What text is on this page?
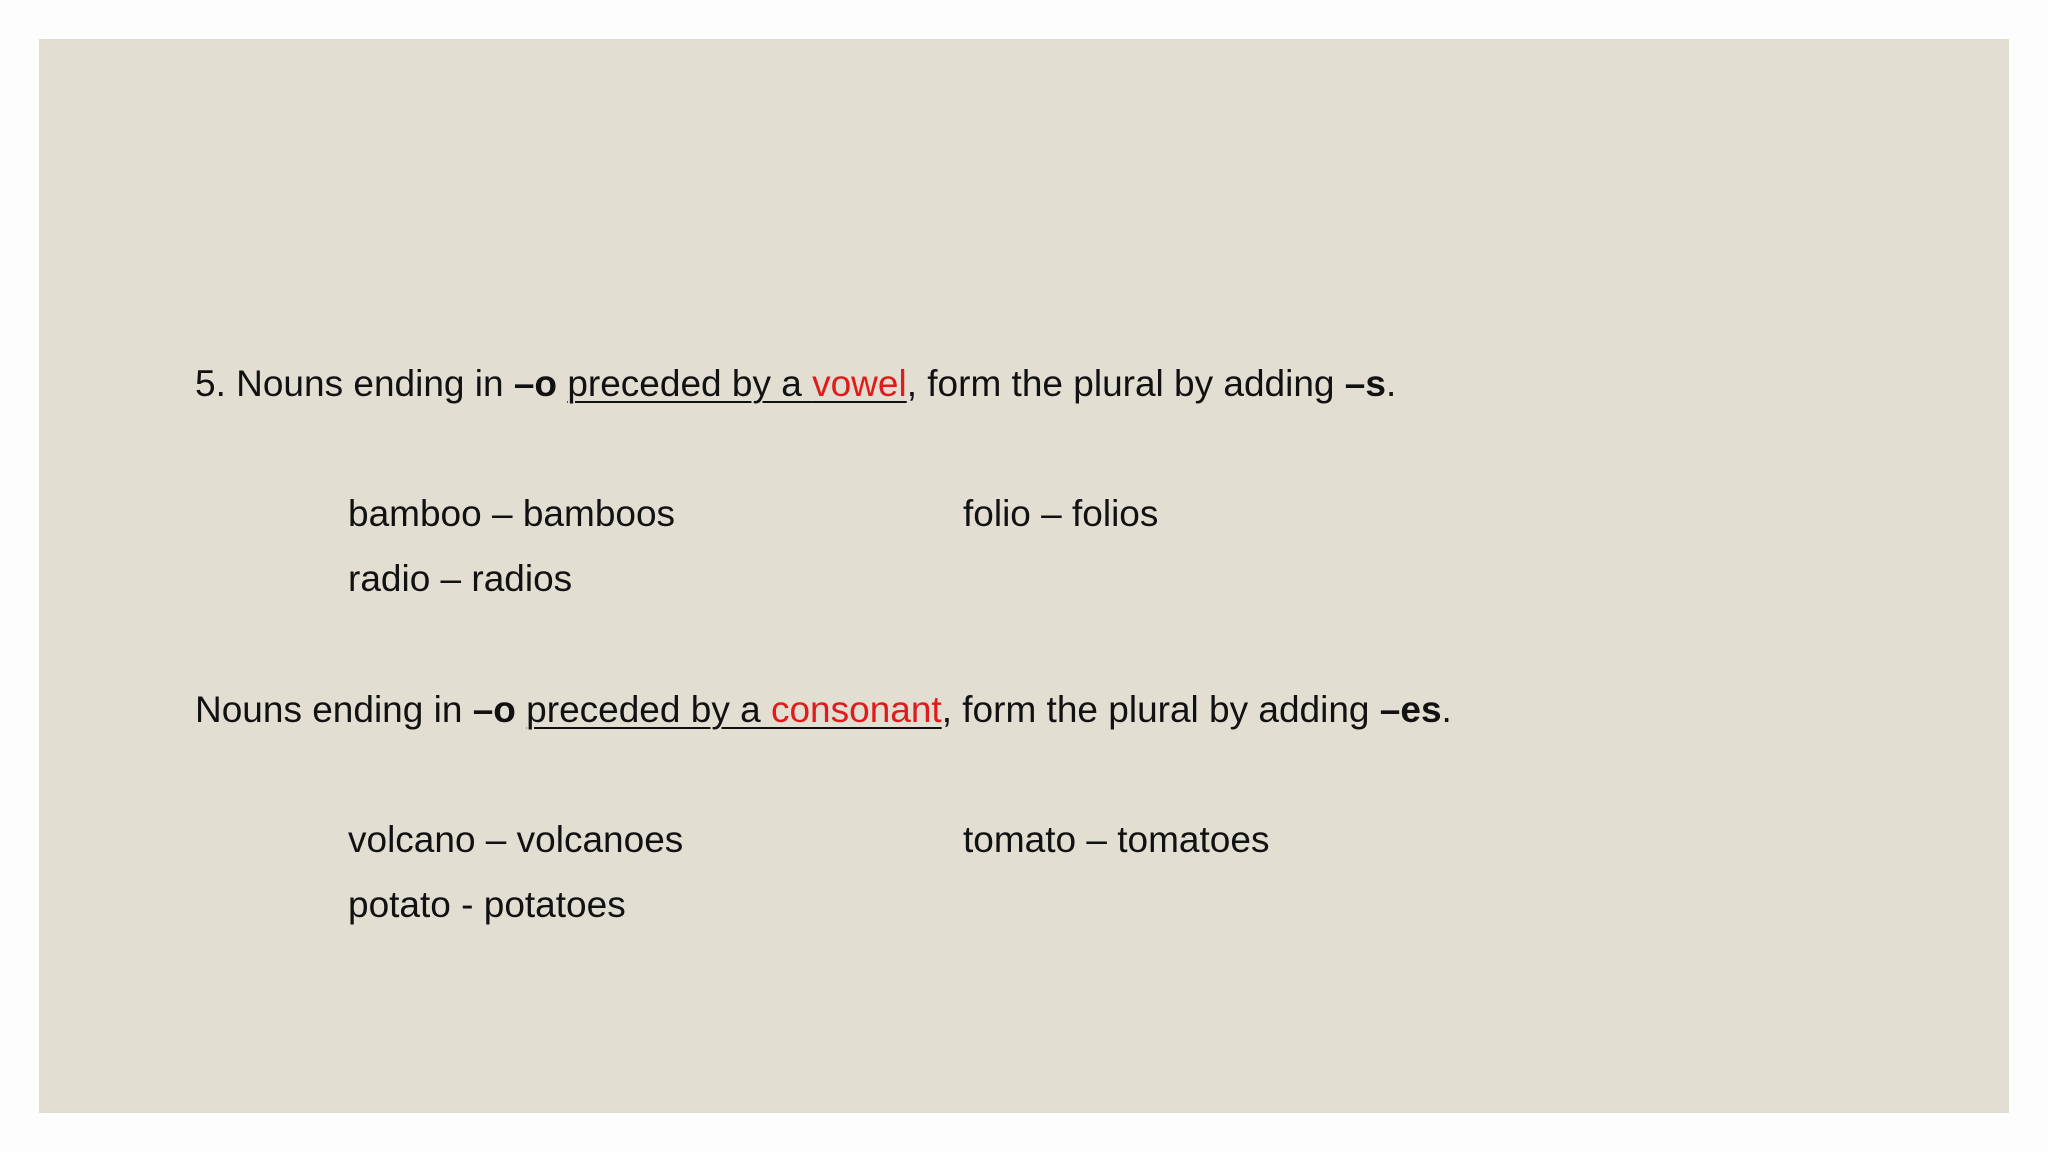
5. Nouns ending in –o preceded by a vowel, form the plural by adding –s.
bamboo – bamboos	folio – folios
radio – radios
Nouns ending in –o preceded by a consonant, form the plural by adding –es.
volcano – volcanoes	tomato – tomatoes
potato - potatoes
